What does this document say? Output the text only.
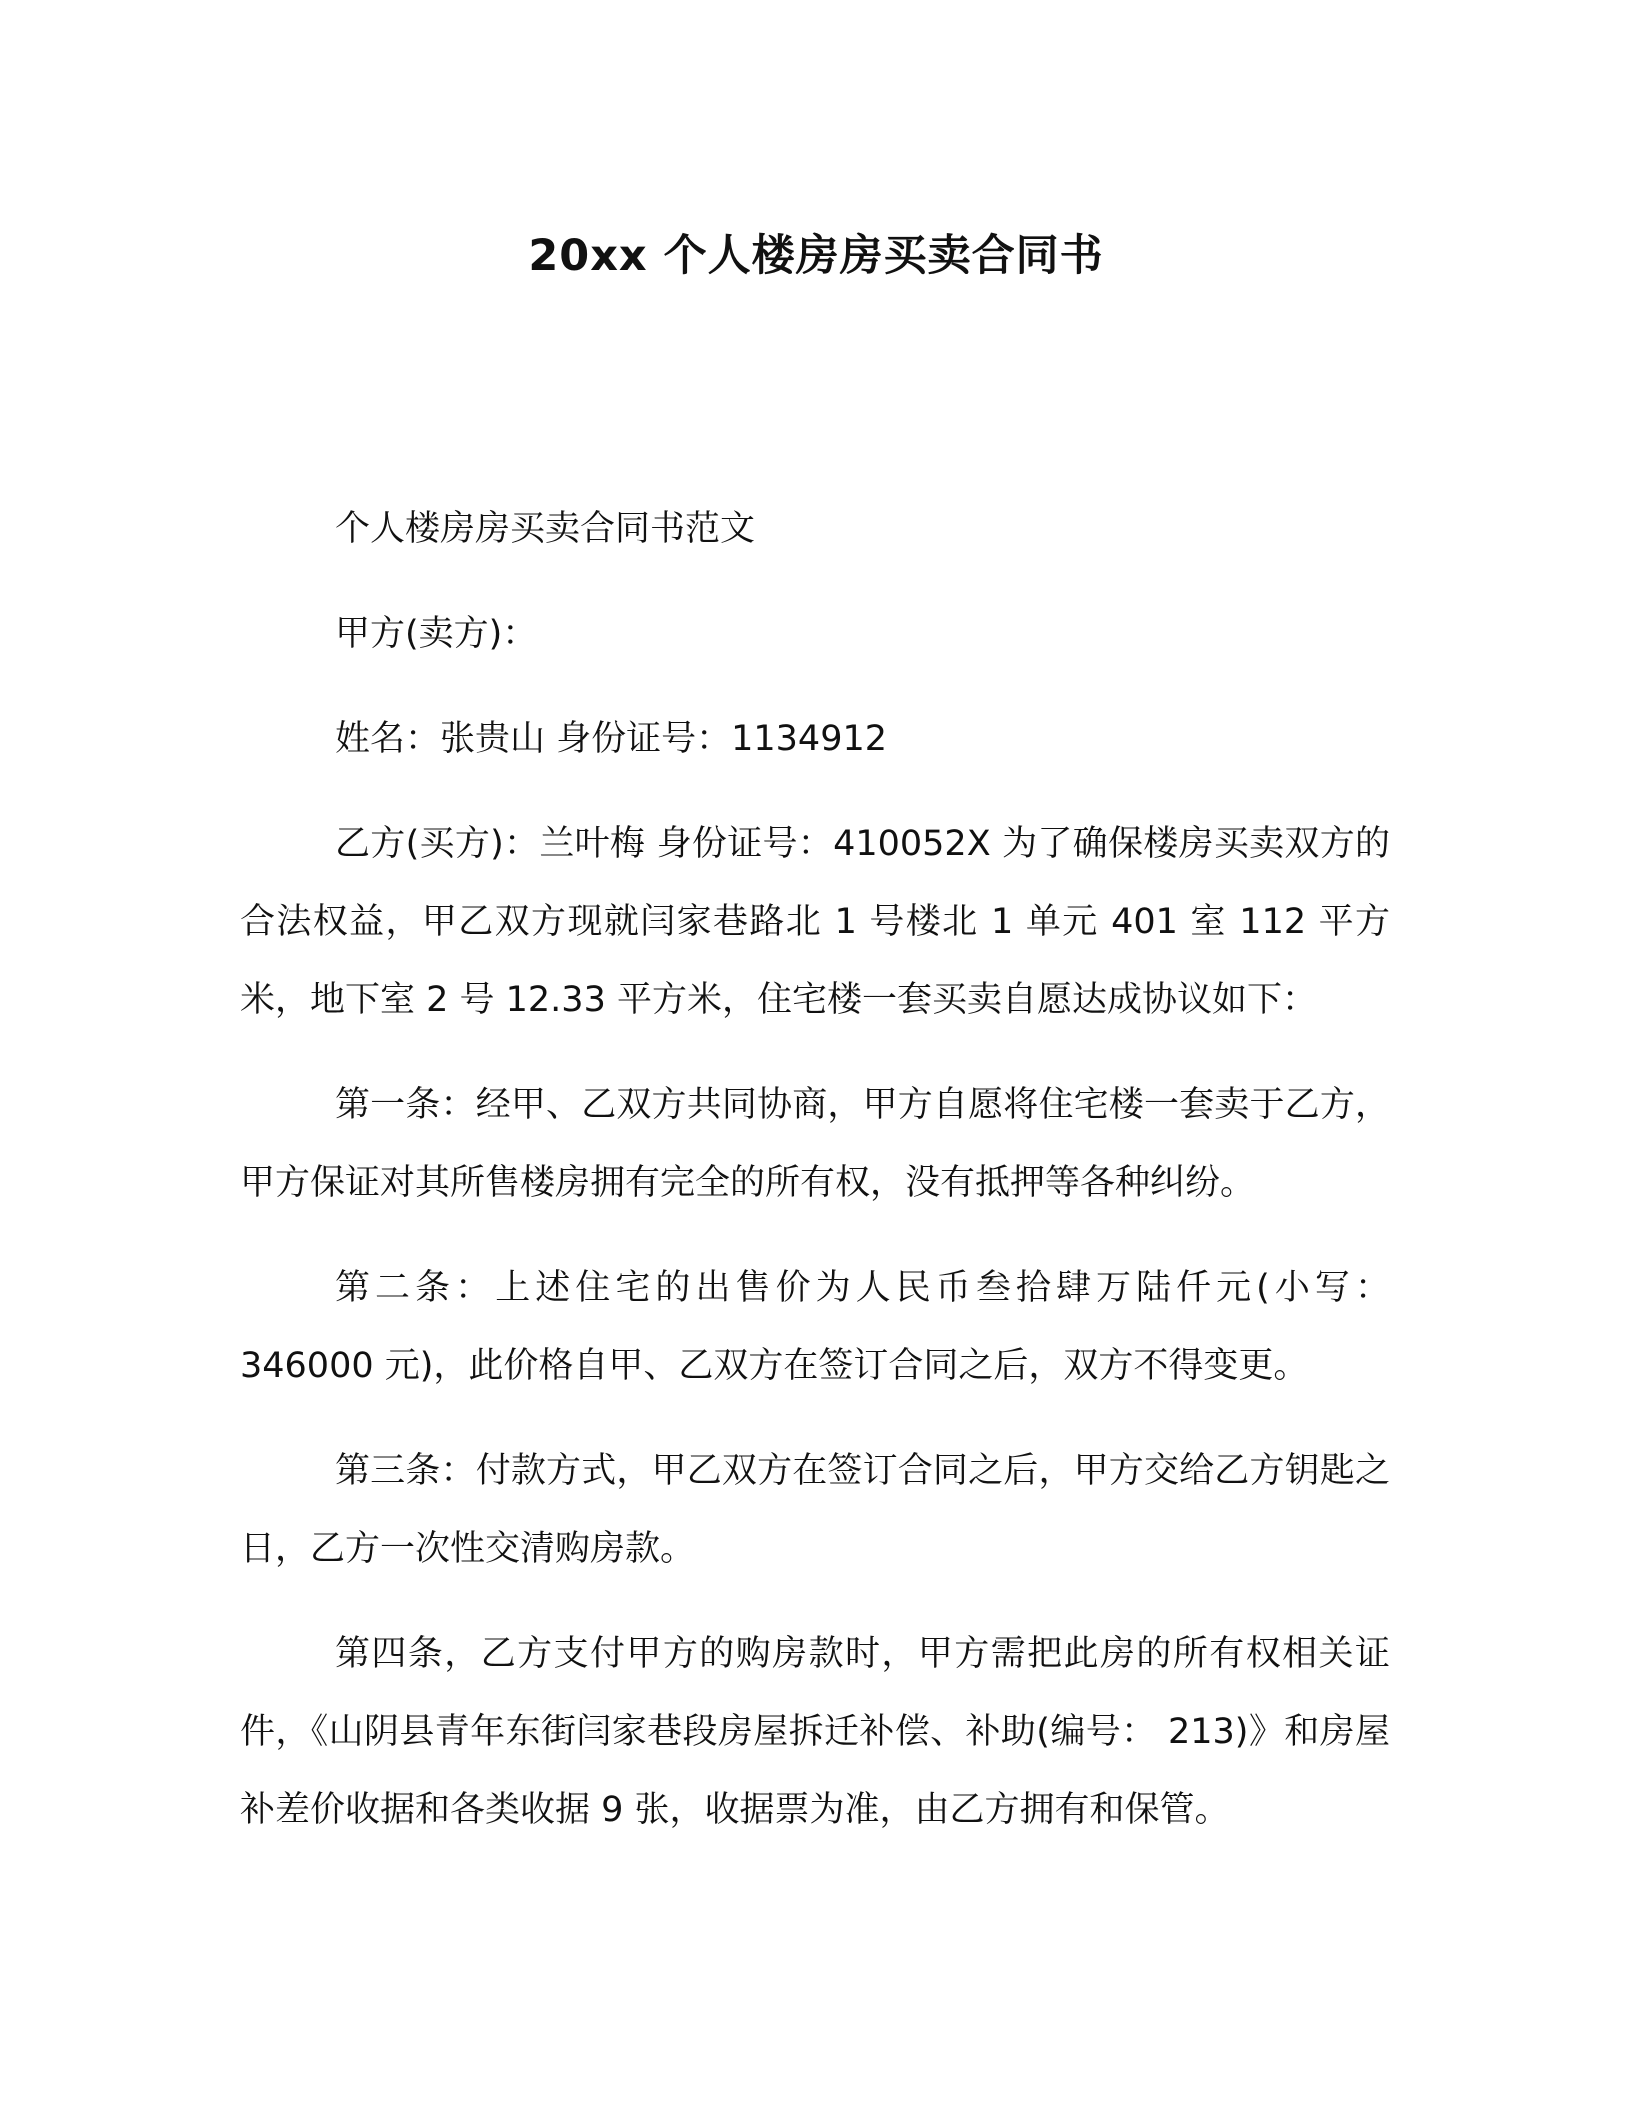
20xx 个人楼房房买卖合同书

个人楼房房买卖合同书范文

甲方(卖方)：

姓名：张贵山 身份证号：1134912

乙方(买方)：兰叶梅 身份证号：410052X 为了确保楼房买卖双方的合法权益，甲乙双方现就闫家巷路北 1 号楼北 1 单元 401 室 112 平方米，地下室 2 号 12.33 平方米，住宅楼一套买卖自愿达成协议如下：

第一条：经甲、乙双方共同协商，甲方自愿将住宅楼一套卖于乙方，甲方保证对其所售楼房拥有完全的所有权，没有抵押等各种纠纷。

第二条：上述住宅的出售价为人民币叁拾肆万陆仟元(小写：346000 元)，此价格自甲、乙双方在签订合同之后，双方不得变更。

第三条：付款方式，甲乙双方在签订合同之后，甲方交给乙方钥匙之日，乙方一次性交清购房款。

第四条，乙方支付甲方的购房款时，甲方需把此房的所有权相关证件，《山阴县青年东街闫家巷段房屋拆迁补偿、补助(编号： 213)》和房屋补差价收据和各类收据 9 张，收据票为准，由乙方拥有和保管。
